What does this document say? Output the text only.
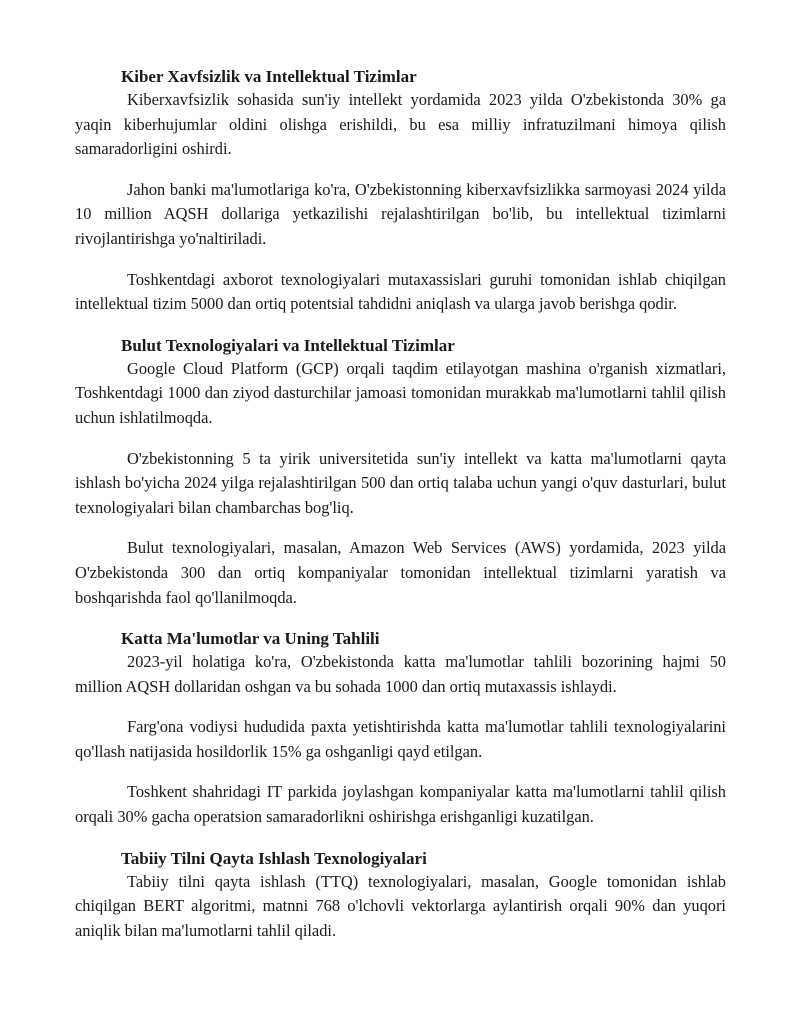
Kiber Xavfsizlik va Intellektual Tizimlar

Kiberxavfsizlik sohasida sun'iy intellekt yordamida 2023 yilda O'zbekistonda 30% ga yaqin kiberhujumlar oldini olishga erishildi, bu esa milliy infratuzilmani himoya qilish samaradorligini oshirdi.

Jahon banki ma'lumotlariga ko'ra, O'zbekistonning kiberxavfsizlikka sarmoyasi 2024 yilda 10 million AQSH dollariga yetkazilishi rejalashtirilgan bo'lib, bu intellektual tizimlarni rivojlantirishga yo'naltiriladi.

Toshkentdagi axborot texnologiyalari mutaxassislari guruhi tomonidan ishlab chiqilgan intellektual tizim 5000 dan ortiq potentsial tahdidni aniqlash va ularga javob berishga qodir.

Bulut Texnologiyalari va Intellektual Tizimlar

Google Cloud Platform (GCP) orqali taqdim etilayotgan mashina o'rganish xizmatlari, Toshkentdagi 1000 dan ziyod dasturchilar jamoasi tomonidan murakkab ma'lumotlarni tahlil qilish uchun ishlatilmoqda.

O'zbekistonning 5 ta yirik universitetida sun'iy intellekt va katta ma'lumotlarni qayta ishlash bo'yicha 2024 yilga rejalashtirilgan 500 dan ortiq talaba uchun yangi o'quv dasturlari, bulut texnologiyalari bilan chambarchas bog'liq.

Bulut texnologiyalari, masalan, Amazon Web Services (AWS) yordamida, 2023 yilda O'zbekistonda 300 dan ortiq kompaniyalar tomonidan intellektual tizimlarni yaratish va boshqarishda faol qo'llanilmoqda.

Katta Ma'lumotlar va Uning Tahlili

2023-yil holatiga ko'ra, O'zbekistonda katta ma'lumotlar tahlili bozorining hajmi 50 million AQSH dollaridan oshgan va bu sohada 1000 dan ortiq mutaxassis ishlaydi.

Farg'ona vodiysi hududida paxta yetishtirishda katta ma'lumotlar tahlili texnologiyalarini qo'llash natijasida hosildorlik 15% ga oshganligi qayd etilgan.

Toshkent shahridagi IT parkida joylashgan kompaniyalar katta ma'lumotlarni tahlil qilish orqali 30% gacha operatsion samaradorlikni oshirishga erishganligi kuzatilgan.

Tabiiy Tilni Qayta Ishlash Texnologiyalari

Tabiiy tilni qayta ishlash (TTQ) texnologiyalari, masalan, Google tomonidan ishlab chiqilgan BERT algoritmi, matnni 768 o'lchovli vektorlarga aylantirish orqali 90% dan yuqori aniqlik bilan ma'lumotlarni tahlil qiladi.
